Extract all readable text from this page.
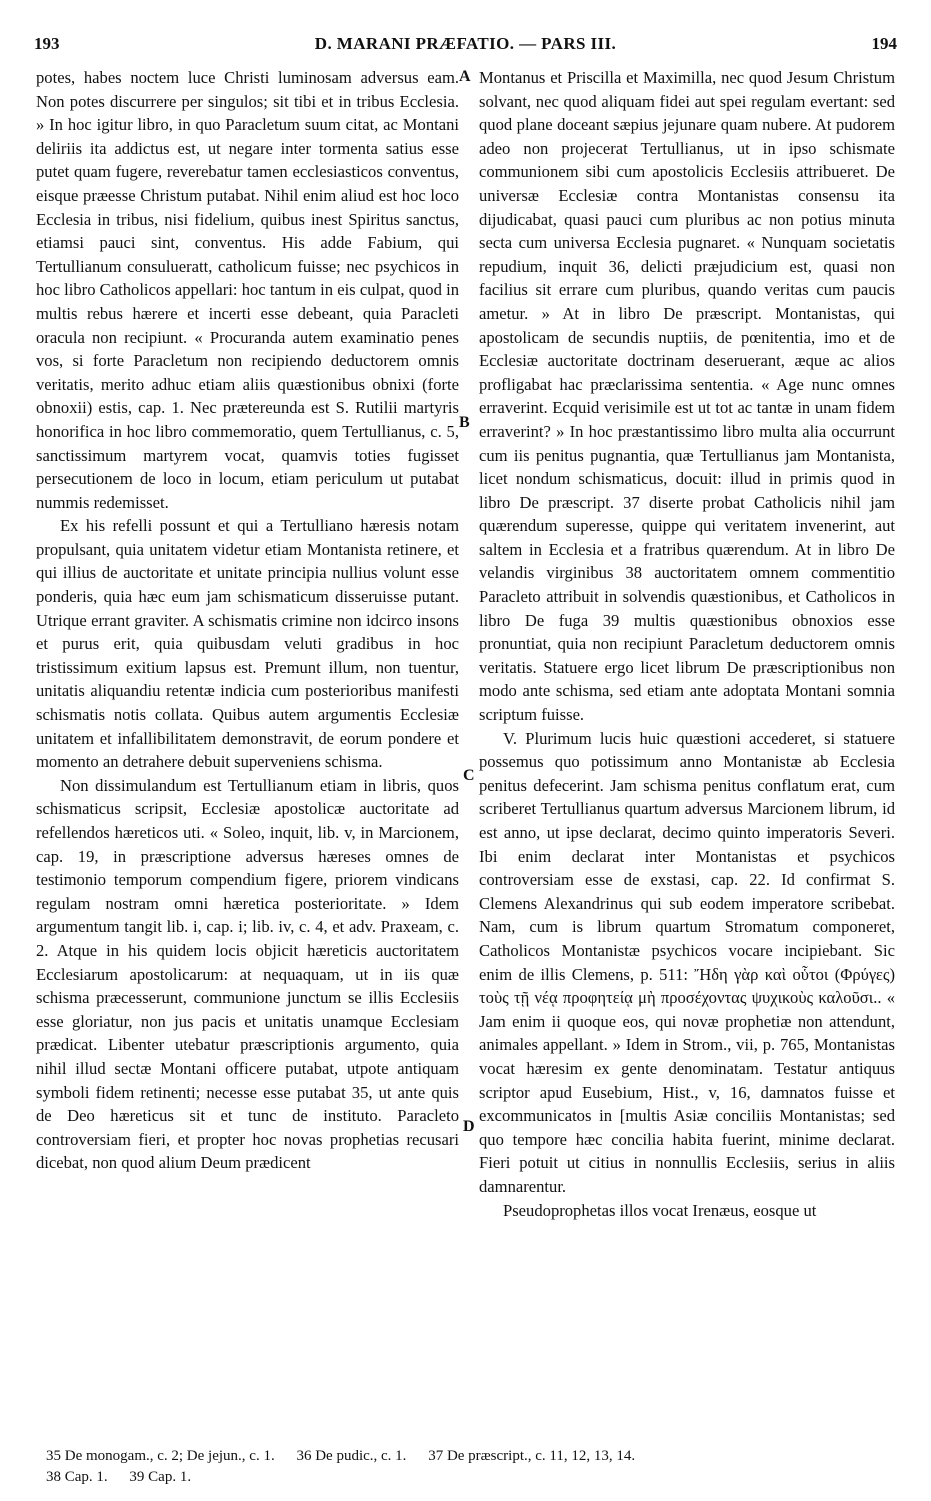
193	D. MARANI PRÆFATIO. — PARS III.	194

potes, habes noctem luce Christi luminosam adversus eam. Non potes discurrere per singulos; sit tibi et in tribus Ecclesia. » In hoc igitur libro, in quo Paracletum suum citat, ac Montani deliriis ita addictus est, ut negare inter tormenta satius esse putet quam fugere, reverebatur tamen ecclesiasticos conventus, eisque præesse Christum putabat. Nihil enim aliud est hoc loco Ecclesia in tribus, nisi fidelium, quibus inest Spiritus sanctus, etiamsi pauci sint, conventus. His adde Fabium, qui Tertullianum consulueratt, catholicum fuisse; nec psychicos in hoc libro Catholicos appellari: hoc tantum in eis culpat, quod in multis rebus hærere et incerti esse debeant, quia Paracleti oracula non recipiunt. « Procuranda autem examinatio penes vos, si forte Paracletum non recipiendo deductorem omnis veritatis, merito adhuc etiam aliis quæstionibus obnixi (forte obnoxii) estis, cap. 1. Nec prætereunda est S. Rutilii martyris honorifica in hoc libro commemoratio, quem Tertullianus, c. 5, sanctissimum martyrem vocat, quamvis toties fugisset persecutionem de loco in locum, etiam periculum ut putabat nummis redemisset.

Ex his refelli possunt et qui a Tertulliano hæresis notam propulsant, quia unitatem videtur etiam Montanista retinere, et qui illius de auctoritate et unitate principia nullius volunt esse ponderis, quia hæc eum jam schismaticum disseruisse putant. Utrique errant graviter. A schismatis crimine non idcirco insons et purus erit, quia quibusdam veluti gradibus in hoc tristissimum exitium lapsus est. Premunt illum, non tuentur, unitatis aliquandiu retentæ indicia cum posterioribus manifesti schismatis notis collata. Quibus autem argumentis Ecclesiæ unitatem et infallibilitatem demonstravit, de eorum pondere et momento an detrahere debuit superveniens schisma.

Non dissimulandum est Tertullianum etiam in libris, quos schismaticus scripsit, Ecclesiæ apostolicæ auctoritate ad refellendos hæreticos uti. « Soleo, inquit, lib. v, in Marcionem, cap. 19, in præscriptione adversus hæreses omnes de testimonio temporum compendium figere, priorem vindicans regulam nostram omni hæretica posterioritate. » Idem argumentum tangit lib. i, cap. i; lib. iv, c. 4, et adv. Praxeam, c. 2. Atque in his quidem locis objicit hæreticis auctoritatem Ecclesiarum apostolicarum: at nequaquam, ut in iis quæ schisma præcesserunt, communione junctum se illis Ecclesiis esse gloriatur, non jus pacis et unitatis unamque Ecclesiam prædicat. Libenter utebatur præscriptionis argumento, quia nihil illud sectæ Montani officere putabat, utpote antiquam symboli fidem retinenti; necesse esse putabat 35, ut ante quis de Deo hæreticus sit et tunc de instituto. Paracleto controversiam fieri, et propter hoc novas prophetias recusari dicebat, non quod alium Deum prædicent

Montanus et Priscilla et Maximilla, nec quod Jesum Christum solvant, nec quod aliquam fidei aut spei regulam evertant: sed quod plane doceant sæpius jejunare quam nubere. At pudorem adeo non projecerat Tertullianus, ut in ipso schismate communionem sibi cum apostolicis Ecclesiis attribueret. De universæ Ecclesiæ contra Montanistas consensu ita dijudicabat, quasi pauci cum pluribus ac non potius minuta secta cum universa Ecclesia pugnaret. « Nunquam societatis repudium, inquit 36, delicti præjudicium est, quasi non facilius sit errare cum pluribus, quando veritas cum paucis ametur. » At in libro De præscript. Montanistas, qui apostolicam de secundis nuptiis, de pœnitentia, imo et de Ecclesiæ auctoritate doctrinam deseruerant, æque ac alios profligabat hac præclarissima sententia. « Age nunc omnes erraverint. Ecquid verisimile est ut tot ac tantæ in unam fidem erraverint? » In hoc præstantissimo libro multa alia occurrunt cum iis penitus pugnantia, quæ Tertullianus jam Montanista, licet nondum schismaticus, docuit: illud in primis quod in libro De præscript. 37 diserte probat Catholicis nihil jam quærendum superesse, quippe qui veritatem invenerint, aut saltem in Ecclesia et a fratribus quærendum. At in libro De velandis virginibus 38 auctoritatem omnem commentitio Paracleto attribuit in solvendis quæstionibus, et Catholicos in libro De fuga 39 multis quæstionibus obnoxios esse pronuntiat, quia non recipiunt Paracletum deductorem omnis veritatis. Statuere ergo licet librum De præscriptionibus non modo ante schisma, sed etiam ante adoptata Montani somnia scriptum fuisse.

V. Plurimum lucis huic quæstioni accederet, si statuere possemus quo potissimum anno Montanistæ ab Ecclesia penitus defecerint. Jam schisma penitus conflatum erat, cum scriberet Tertullianus quartum adversus Marcionem librum, id est anno, ut ipse declarat, decimo quinto imperatoris Severi. Ibi enim declarat inter Montanistas et psychicos controversiam esse de exstasi, cap. 22. Id confirmat S. Clemens Alexandrinus qui sub eodem imperatore scribebat. Nam, cum is librum quartum Stromatum componeret, Catholicos Montanistæ psychicos vocare incipiebant. Sic enim de illis Clemens, p. 511: Ἤδη γὰρ καὶ οὗτοι (Φρύγες) τοὺς τῇ νέᾳ προφητείᾳ μὴ προσέχοντας ψυχικοὺς καλοῦσι.. « Jam enim ii quoque eos, qui novæ prophetiæ non attendunt, animales appellant. » Idem in Strom., vii, p. 765, Montanistas vocat hæresim ex gente denominatam. Testatur antiquus scriptor apud Eusebium, Hist., v, 16, damnatos fuisse et excommunicatos in [multis Asiæ conciliis Montanistas; sed quo tempore hæc concilia habita fuerint, minime declarat. Fieri potuit ut citius in nonnullis Ecclesiis, serius in aliis damnarentur.

Pseudoprophetas illos vocat Irenæus, eosque ut

A
B
C
D
35 De monogam., c. 2; De jejun., c. 1. 36 De pudic., c. 1. 37 De præscript., c. 11, 12, 13, 14.
38 Cap. 1. 39 Cap. 1.
